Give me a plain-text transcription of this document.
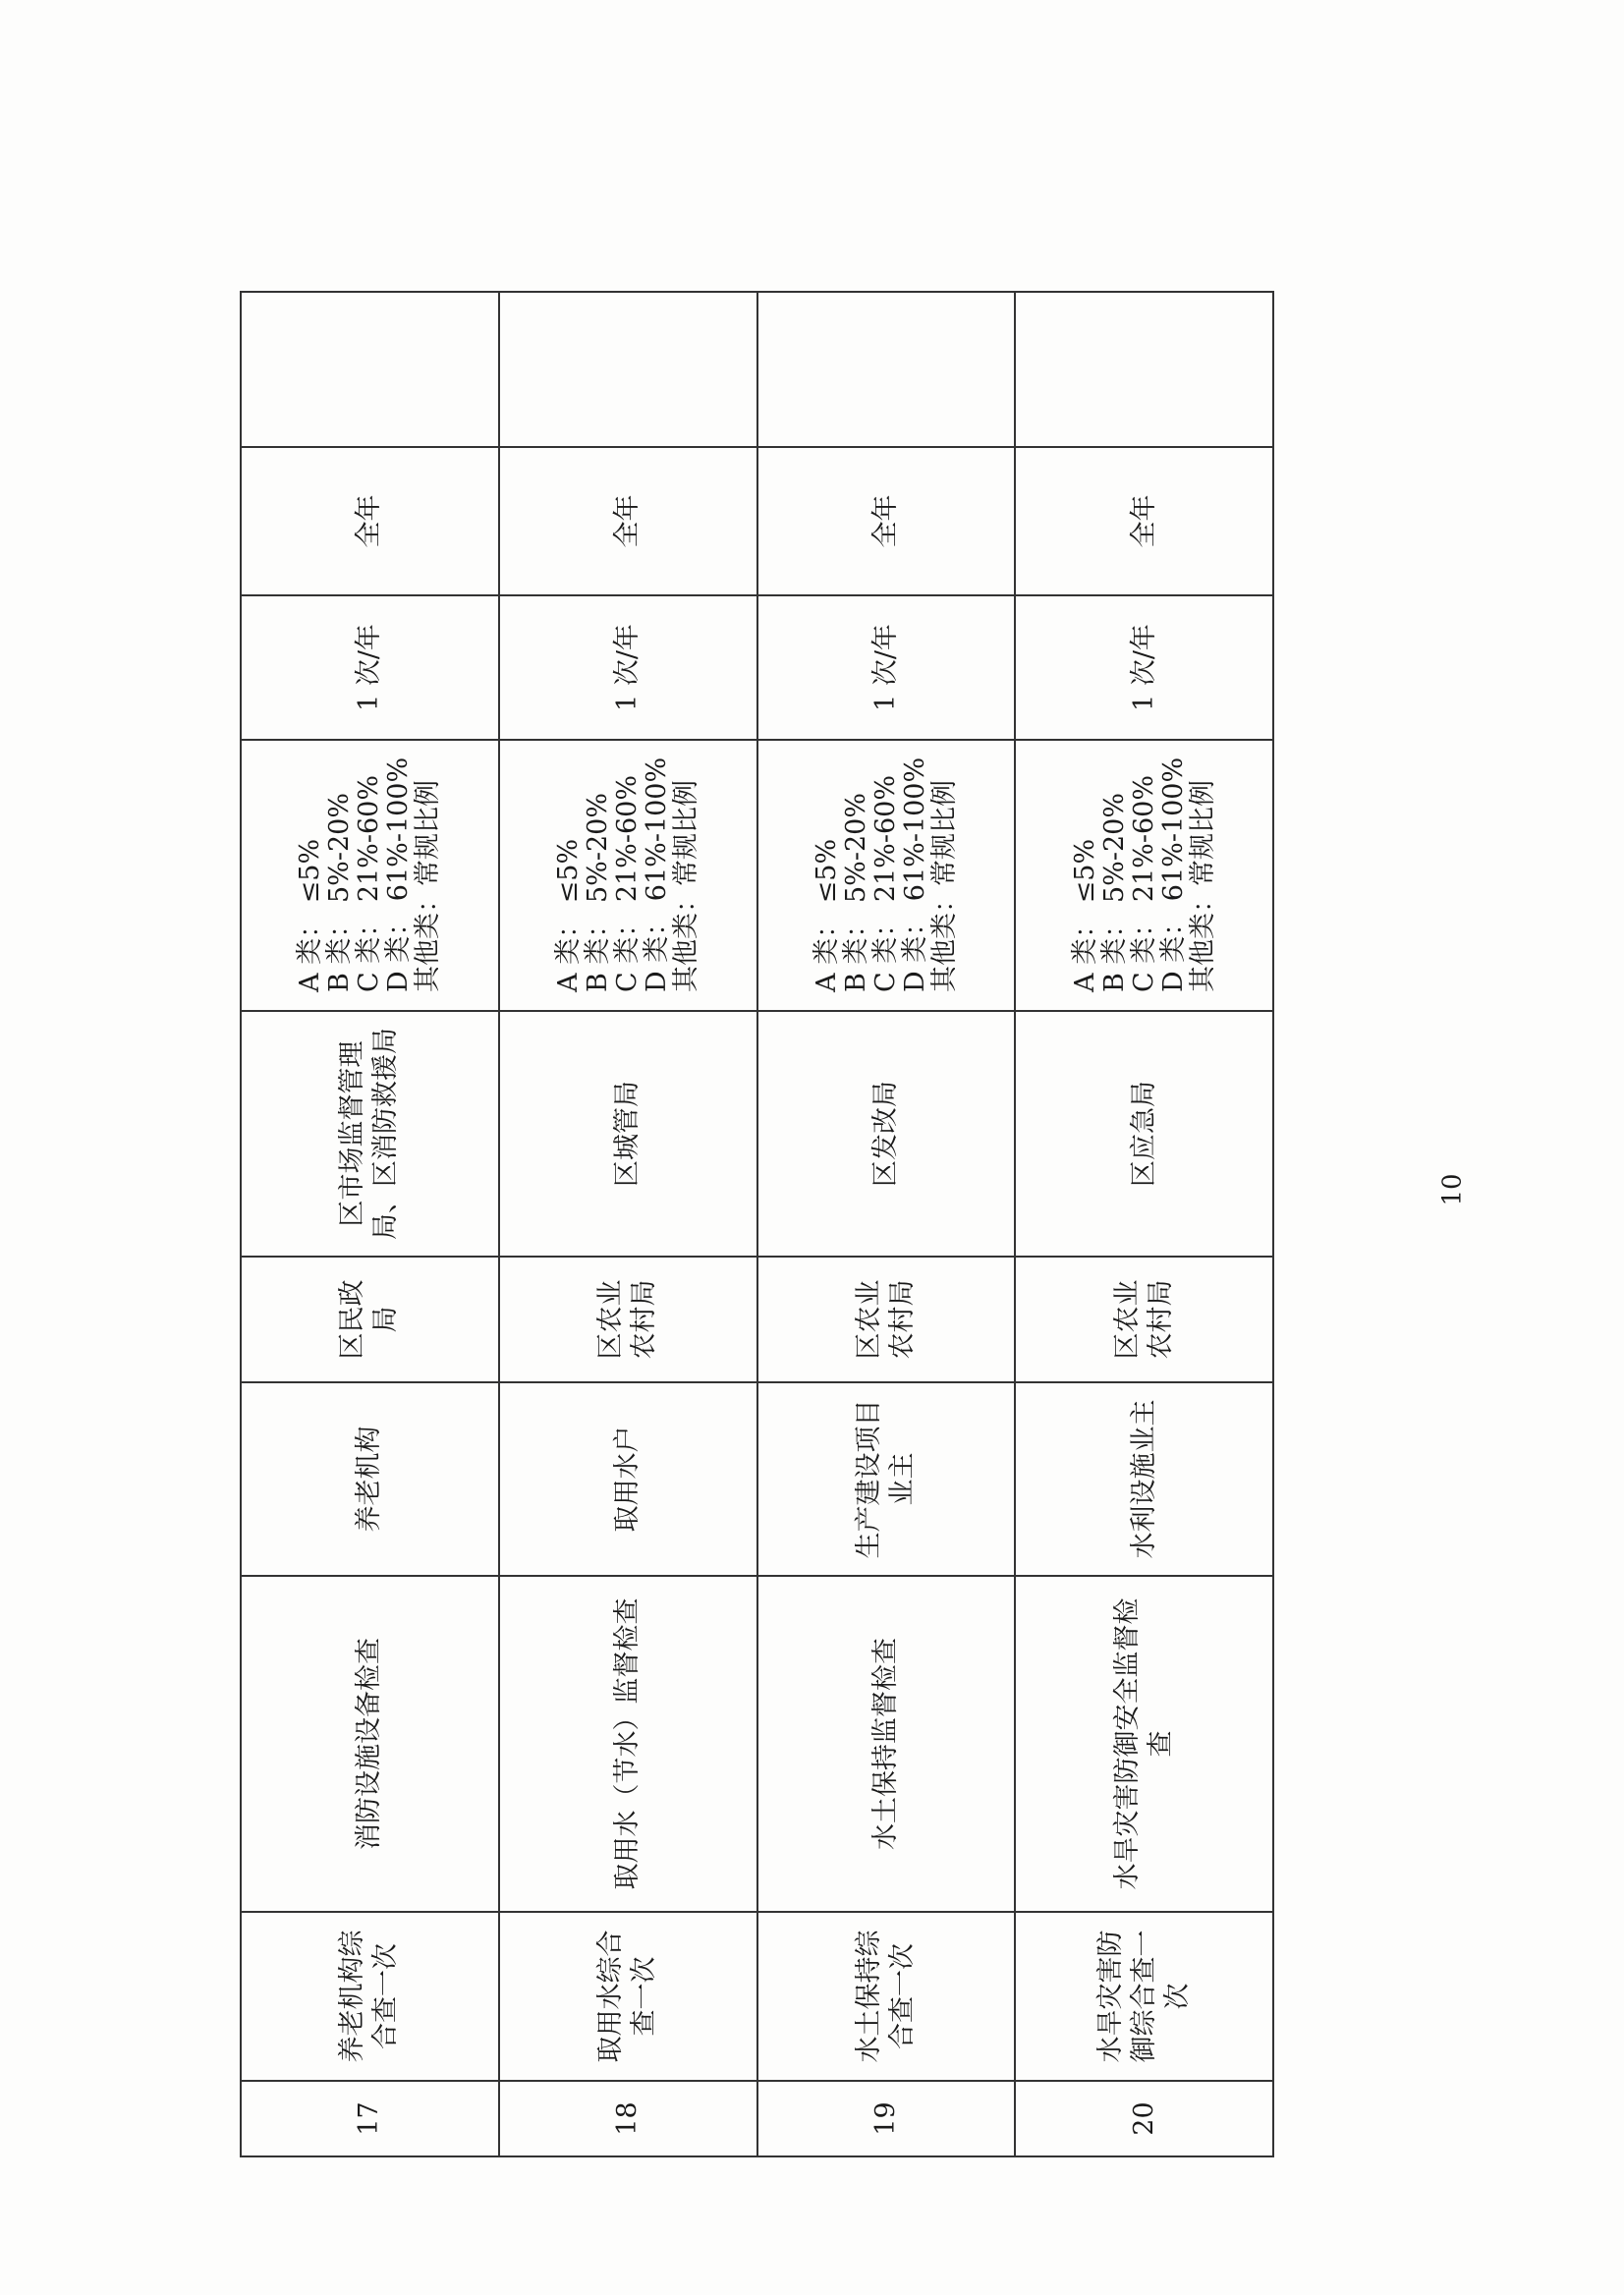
17	养老机构综合查一次	消防设施设备检查	养老机构	区民政局	区市场监督管理局、区消防救援局	A 类： ≤5% B 类： 5%-20% C 类： 21%-60% D 类： 61%-100% 其他类：常规比例	1 次/年	全年	
18	取用水综合查一次	取用水（节水）监督检查	取用水户	区农业农村局	区城管局	A 类： ≤5% B 类： 5%-20% C 类： 21%-60% D 类： 61%-100% 其他类：常规比例	1 次/年	全年	
19	水土保持综合查一次	水土保持监督检查	生产建设项目业主	区农业农村局	区发改局	A 类： ≤5% B 类： 5%-20% C 类： 21%-60% D 类： 61%-100% 其他类：常规比例	1 次/年	全年	
20	水旱灾害防御综合查一次	水旱灾害防御安全监督检查	水利设施业主	区农业农村局	区应急局	A 类： ≤5% B 类： 5%-20% C 类： 21%-60% D 类： 61%-100% 其他类：常规比例	1 次/年	全年	
10
